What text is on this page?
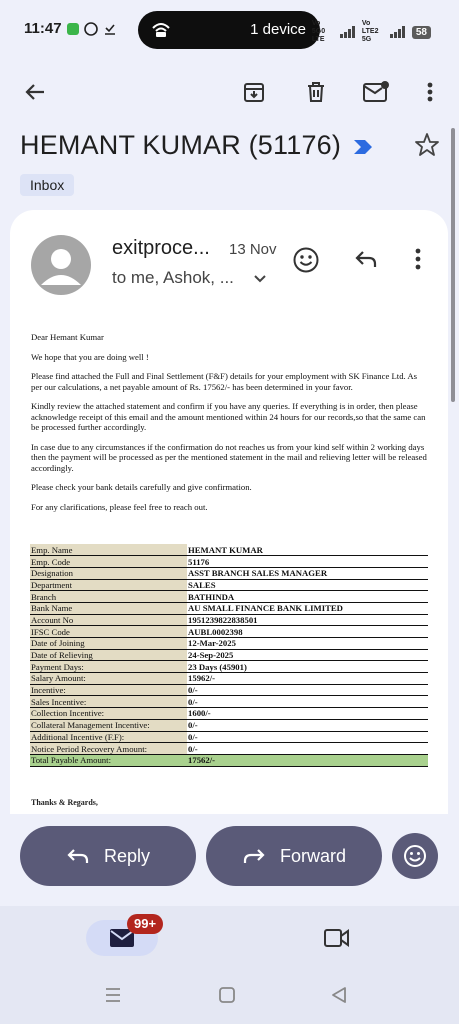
11:47	1 device Vo 5G0 LTE
Vo LTE2 5G
58
HEMANT KUMAR (51176)
Inbox
exitproce... 13 Nov
to me, Ashok, ...

Dear Hemant Kumar

We hope that you are doing well !

Please find attached the Full and Final Settlement (F&F) details for your employment with SK Finance Ltd. As per our calculations, a net payable amount of Rs. 17562/- has been determined in your favor.

Kindly review the attached statement and confirm if you have any queries. If everything is in order, then please acknowledge receipt of this email and the amount mentioned within 24 hours for our records,so that the same can be processed further accordingly.

In case due to any circumstances if the confirmation do not reaches us from your kind self within 2 working days then the payment will be processed as per the mentioned statement in the mail and relieving letter will be released accordingly.

Please check your bank details carefully and give confirmation.

For any clarifications, please feel free to reach out.

Emp. Name	HEMANT KUMAR
Emp. Code	51176
Designation	ASST BRANCH SALES MANAGER
Department	SALES
Branch	BATHINDA
Bank Name	AU SMALL FINANCE BANK LIMITED
Account No	1951239822838501
IFSC Code	AUBL0002398
Date of Joining	12-Mar-2025
Date of Relieving	24-Sep-2025
Payment Days:	23 Days (45901)
Salary Amount:	15962/-
Incentive:	0/-
Sales Incentive:	0/-
Collection Incentive:	1600/-
Collateral Management Incentive:	0/-
Additional Incentive (F.F):	0/-
Notice Period Recovery Amount:	0/-
Total Payable Amount:	17562/-
Thanks & Regards,
Reply	Forward
99+
